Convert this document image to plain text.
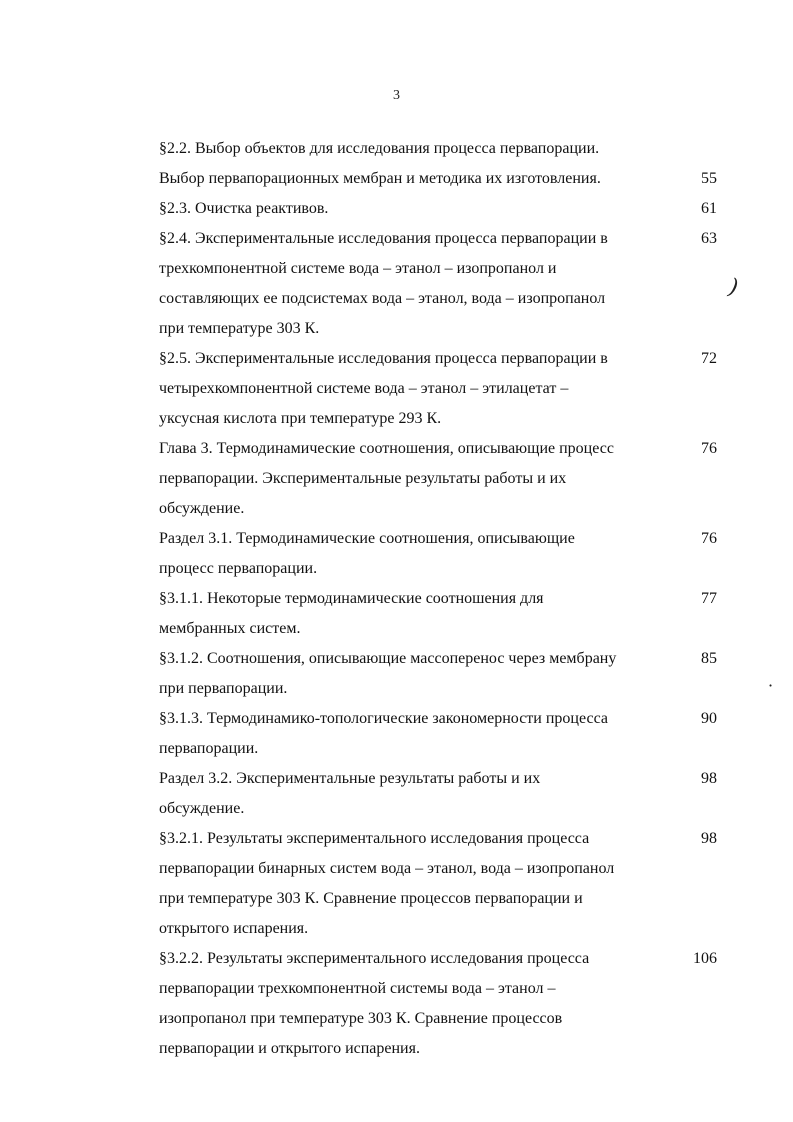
3
§2.2. Выбор объектов для исследования процесса первапорации.
Выбор первапорационных мембран и методика их изготовления.	55
§2.3. Очистка реактивов.	61
§2.4. Экспериментальные исследования процесса первапорации в
трехкомпонентной системе вода – этанол – изопропанол и
составляющих ее подсистемах вода – этанол, вода – изопропанол
при температуре 303 К.
63
§2.5. Экспериментальные исследования процесса первапорации в
четырехкомпонентной системе вода – этанол – этилацетат –
уксусная кислота при температуре 293 К.
72
Глава 3. Термодинамические соотношения, описывающие процесс
первапорации. Экспериментальные результаты работы и их
обсуждение.
76
Раздел 3.1. Термодинамические соотношения, описывающие
процесс первапорации.
76
§3.1.1. Некоторые термодинамические соотношения для
мембранных систем.
77
§3.1.2. Соотношения, описывающие массоперенос через мембрану
при первапорации.
85
§3.1.3. Термодинамико-топологические закономерности процесса
первапорации.
90
Раздел 3.2. Экспериментальные результаты работы и их
обсуждение.
98
§3.2.1. Результаты экспериментального исследования процесса
первапорации бинарных систем вода – этанол, вода – изопропанол
при температуре 303 К. Сравнение процессов первапорации и
открытого испарения.
98
§3.2.2. Результаты экспериментального исследования процесса
первапорации трехкомпонентной системы вода – этанол –
изопропанол при температуре 303 К. Сравнение процессов
первапорации и открытого испарения.
106
)
·
